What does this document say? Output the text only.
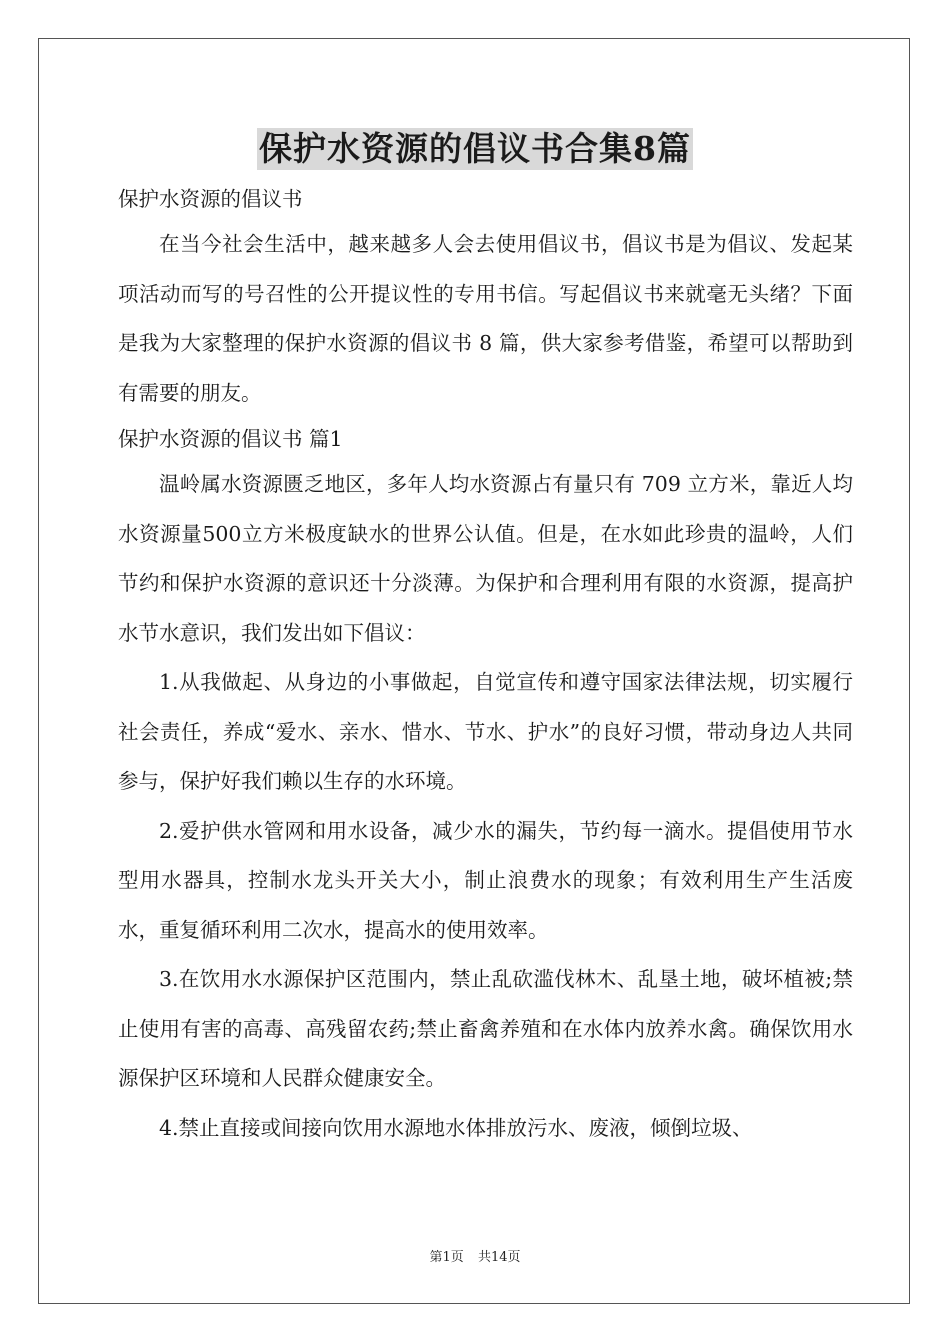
保护水资源的倡议书合集8篇
保护水资源的倡议书

在当今社会生活中，越来越多人会去使用倡议书，倡议书是为倡议、发起某项活动而写的号召性的公开提议性的专用书信。写起倡议书来就毫无头绪？下面是我为大家整理的保护水资源的倡议书 8 篇，供大家参考借鉴，希望可以帮助到有需要的朋友。

保护水资源的倡议书 篇1

温岭属水资源匮乏地区，多年人均水资源占有量只有 709 立方米，靠近人均水资源量500立方米极度缺水的世界公认值。但是，在水如此珍贵的温岭，人们节约和保护水资源的意识还十分淡薄。为保护和合理利用有限的水资源，提高护水节水意识，我们发出如下倡议：

1.从我做起、从身边的小事做起，自觉宣传和遵守国家法律法规，切实履行社会责任，养成“爱水、亲水、惜水、节水、护水”的良好习惯，带动身边人共同参与，保护好我们赖以生存的水环境。

2.爱护供水管网和用水设备，减少水的漏失，节约每一滴水。提倡使用节水型用水器具，控制水龙头开关大小，制止浪费水的现象；有效利用生产生活废水，重复循环利用二次水，提高水的使用效率。

3.在饮用水水源保护区范围内，禁止乱砍滥伐林木、乱垦土地，破坏植被;禁止使用有害的高毒、高残留农药;禁止畜禽养殖和在水体内放养水禽。确保饮用水源保护区环境和人民群众健康安全。

4.禁止直接或间接向饮用水源地水体排放污水、废液，倾倒垃圾、

第1页 共14页
